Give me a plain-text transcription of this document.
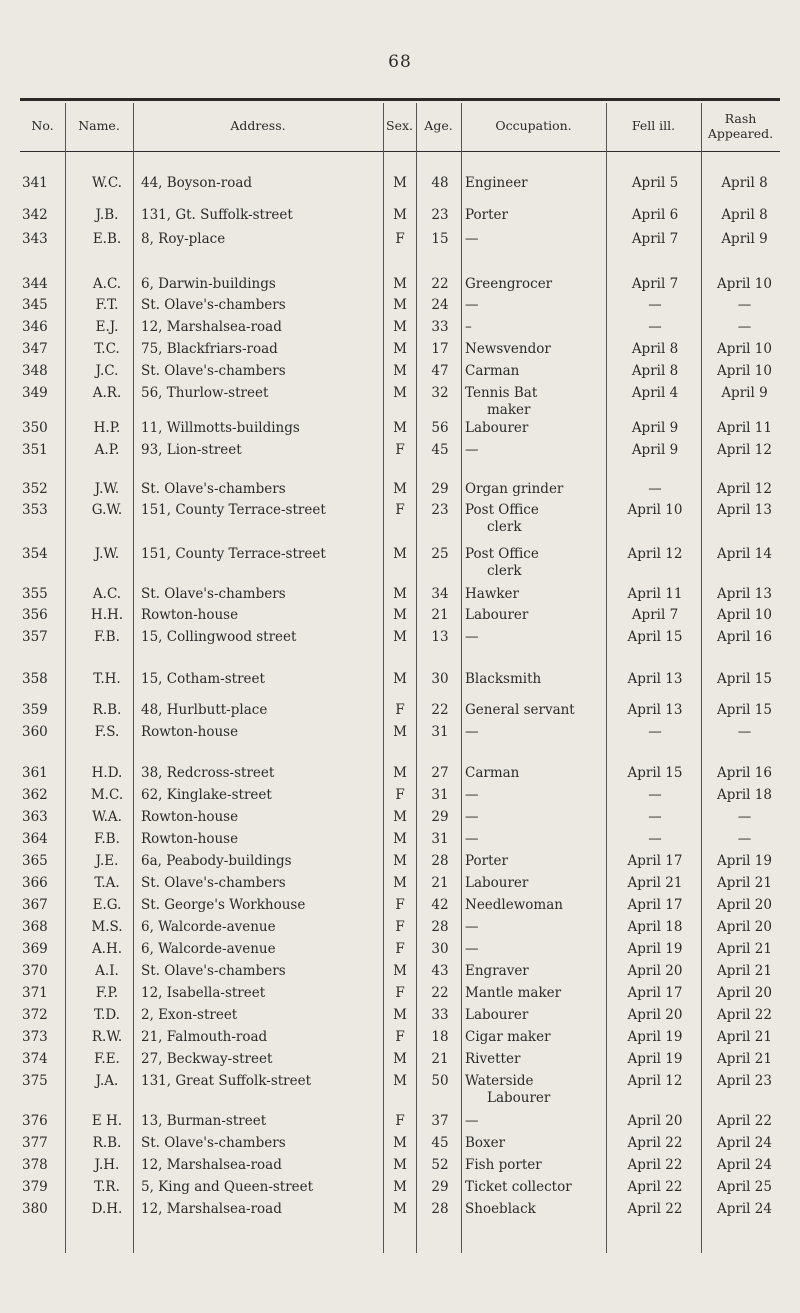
68
No.	Name.	Address.	Sex. Age.	Occupation.	Fell ill.	Rash Appeared.
341	W.C.	44, Boyson-road	M	48	Engineer	April 5	April 8
342	J.B.	131, Gt. Suffolk-street	M	23	Porter	April 6	April 8
343	E.B.	8, Roy-place	F	15	—	April 7	April 9
344	A.C.	6, Darwin-buildings	M	22	Greengrocer	April 7	April 10
345	F.T.	St. Olave's-chambers	M	24	—	—	—
346	E.J.	12, Marshalsea-road	M	33	–	—	—
347	T.C.	75, Blackfriars-road	M	17	Newsvendor	April 8	April 10
348	J.C.	St. Olave's-chambers	M	47	Carman	April 8	April 10
349	A.R.	56, Thurlow-street	M	32	Tennis Bat	April 4	April 9
maker
350	H.P.	11, Willmotts-buildings	M	56	Labourer	April 9	April 11
351	A.P.	93, Lion-street	F	45	—	April 9	April 12
352	J.W.	St. Olave's-chambers	M	29	Organ grinder	—	April 12
353	G.W.	151, County Terrace-street	F	23	Post Office	April 10	April 13
clerk
354	J.W.	151, County Terrace-street	M	25	Post Office	April 12	April 14
clerk
355	A.C.	St. Olave's-chambers	M	34	Hawker	April 11	April 13
356	H.H.	Rowton-house	M	21	Labourer	April 7	April 10
357	F.B.	15, Collingwood street	M	13	—	April 15	April 16
358	T.H.	15, Cotham-street	M	30	Blacksmith	April 13	April 15
359	R.B.	48, Hurlbutt-place	F	22	General servant	April 13	April 15
360	F.S.	Rowton-house	M	31	—	—	—
361	H.D.	38, Redcross-street	M	27	Carman	April 15	April 16
362	M.C.	62, Kinglake-street	F	31	—	—	April 18
363	W.A.	Rowton-house	M	29	—	—	—
364	F.B.	Rowton-house	M	31	—	—	—
365	J.E.	6a, Peabody-buildings	M	28	Porter	April 17	April 19
366	T.A.	St. Olave's-chambers	M	21	Labourer	April 21	April 21
367	E.G.	St. George's Workhouse	F	42	Needlewoman	April 17	April 20
368	M.S.	6, Walcorde-avenue	F	28	—	April 18	April 20
369	A.H.	6, Walcorde-avenue	F	30	—	April 19	April 21
370	A.I.	St. Olave's-chambers	M	43	Engraver	April 20	April 21
371	F.P.	12, Isabella-street	F	22	Mantle maker	April 17	April 20
372	T.D.	2, Exon-street	M	33	Labourer	April 20	April 22
373	R.W.	21, Falmouth-road	F	18	Cigar maker	April 19	April 21
374	F.E.	27, Beckway-street	M	21	Rivetter	April 19	April 21
375	J.A.	131, Great Suffolk-street	M	50	Waterside	April 12	April 23
Labourer
376	E H.	13, Burman-street	F	37	—	April 20	April 22
377	R.B.	St. Olave's-chambers	M	45	Boxer	April 22	April 24
378	J.H.	12, Marshalsea-road	M	52	Fish porter	April 22	April 24
379	T.R.	5, King and Queen-street	M	29	Ticket collector	April 22	April 25
380	D.H.	12, Marshalsea-road	M	28	Shoeblack	April 22	April 24
